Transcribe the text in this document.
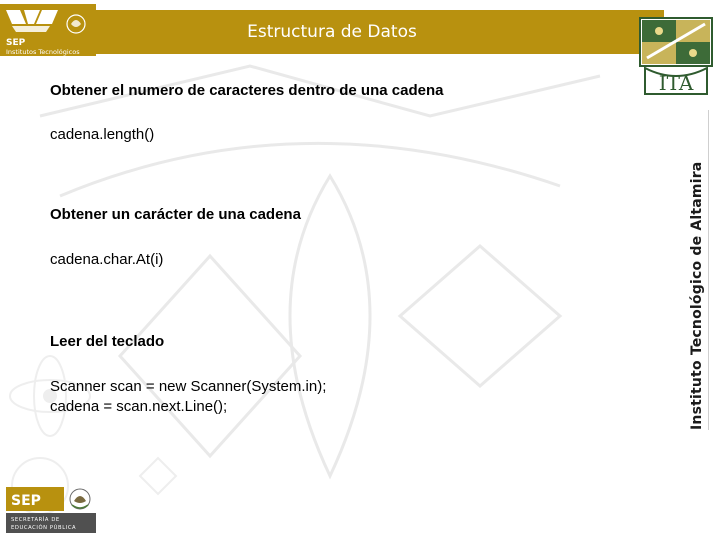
Estructura de Datos
SEP
Institutos Tecnológicos
ITA
Instituto Tecnológico de Altamira
Obtener el numero de caracteres dentro de una cadena
cadena.length()
Obtener un carácter de una cadena
cadena.char.At(i)
Leer del teclado
Scanner scan = new Scanner(System.in);
cadena = scan.next.Line();
SEP
SECRETARÍA DE
EDUCACIÓN PÚBLICA
